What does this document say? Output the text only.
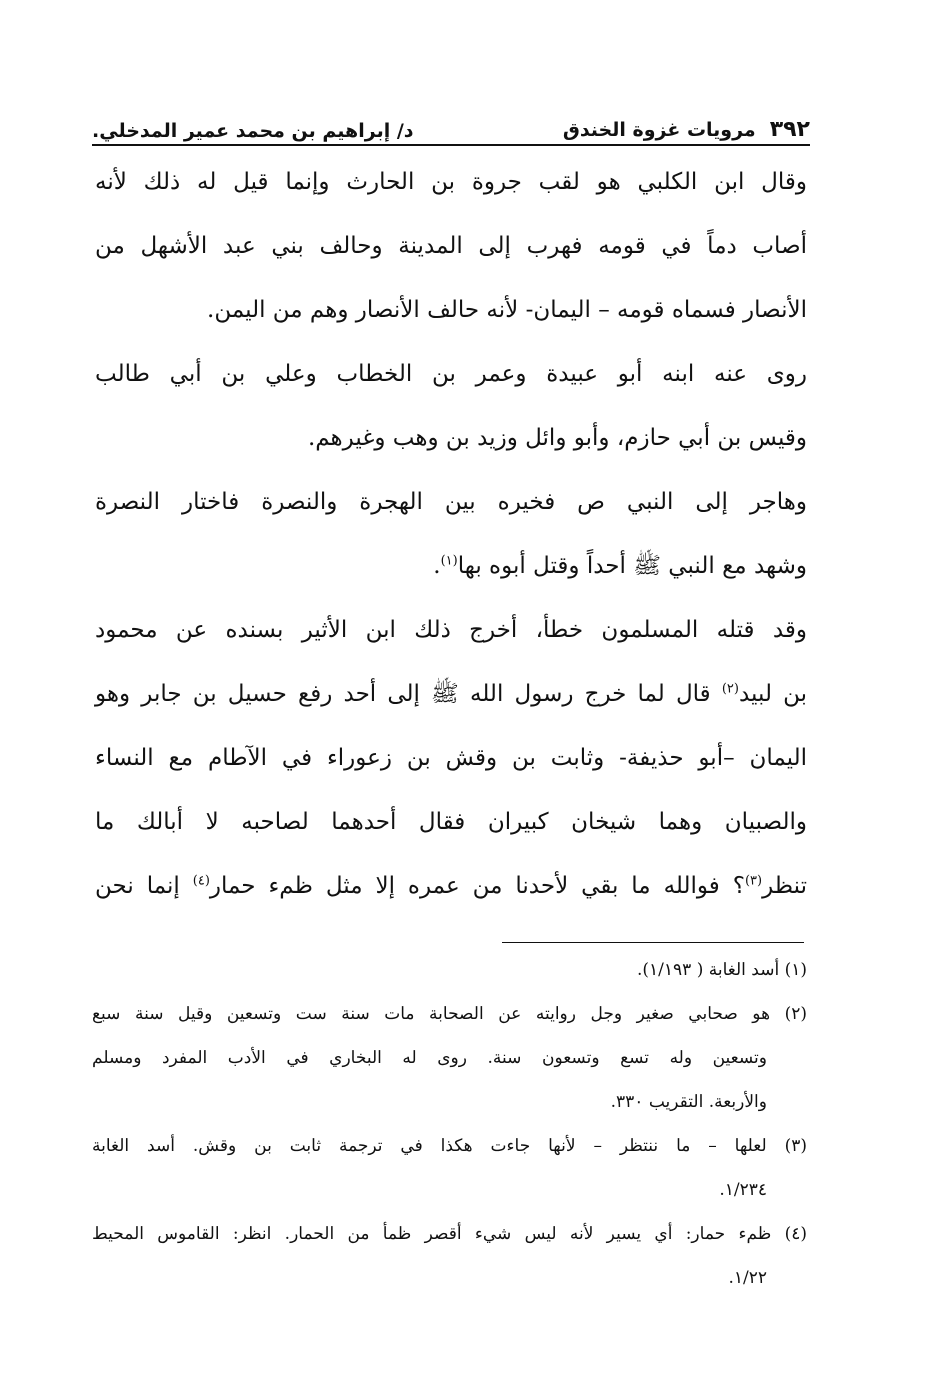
٣٩٢
مرويات غزوة الخندق
د/ إبراهيم بن محمد عمير المدخلي.
وقال ابن الكلبي هو لقب جروة بن الحارث وإنما قيل له ذلك لأنه
أصاب دماً في قومه فهرب إلى المدينة وحالف بني عبد الأشهل من
الأنصار فسماه قومه – اليمان- لأنه حالف الأنصار وهم من اليمن.
روى عنه ابنه أبو عبيدة وعمر بن الخطاب وعلي بن أبي طالب
وقيس بن أبي حازم، وأبو وائل وزيد بن وهب وغيرهم.
وهاجر إلى النبي ص فخيره بين الهجرة والنصرة فاختار النصرة
وشهد مع النبي ﷺ أحداً وقتل أبوه بها$^{(١)}$.
وقد قتله المسلمون خطأ، أخرج ذلك ابن الأثير بسنده عن محمود
بن لبيد$^{(٢)}$ قال لما خرج رسول الله ﷺ إلى أحد رفع حسيل بن جابر وهو
اليمان –أبو حذيفة- وثابت بن وقش بن زعوراء في الآطام مع النساء
والصبيان وهما شيخان كبيران فقال أحدهما لصاحبه لا أبالك ما
تنظر$^{(٣)}$؟ فوالله ما بقي لأحدنا من عمره إلا مثل ظمء حمار$^{(٤)}$ إنما نحن
(١) أسد الغابة ( ١/١٩٣).
(٢) هو صحابي صغير وجل روايته عن الصحابة مات سنة ست وتسعين وقيل سنة سبع
وتسعين وله تسع وتسعون سنة. روى له البخاري في الأدب المفرد ومسلم
والأربعة. التقريب ٣٣٠.
(٣) لعلها – ما ننتظر – لأنها جاءت هكذا في ترجمة ثابت بن وقش. أسد الغابة
١/٢٣٤.
(٤) ظمء حمار: أي يسير لأنه ليس شيء أقصر ظمأ من الحمار. انظر: القاموس المحيط
١/٢٢.
